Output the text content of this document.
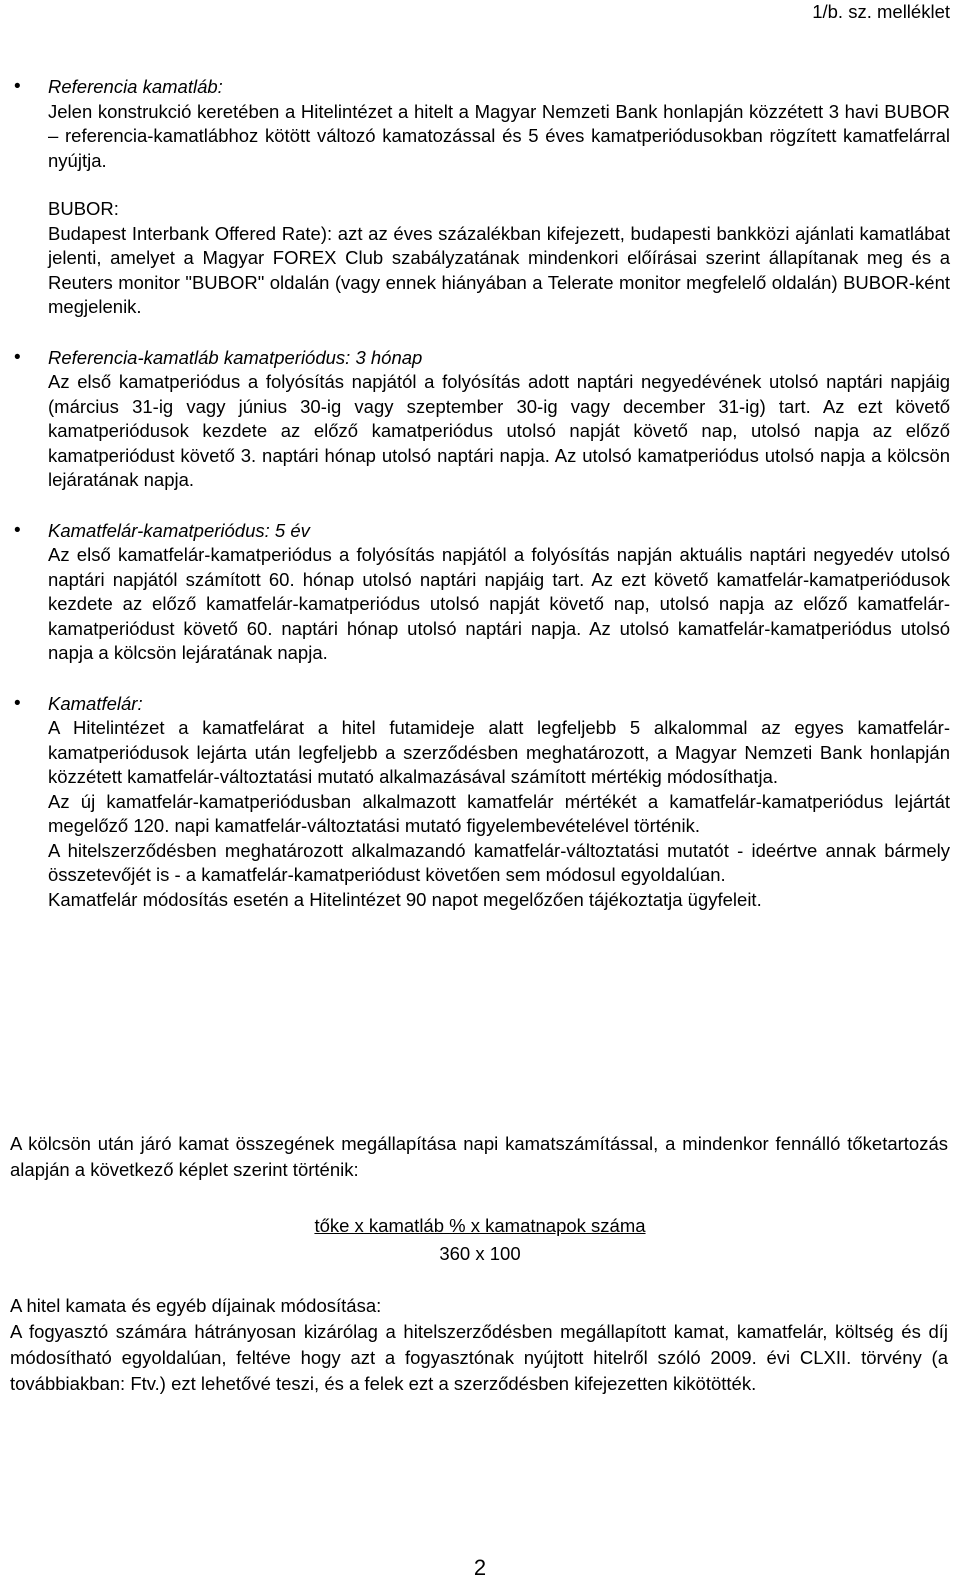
1/b. sz. melléklet

• Referencia kamatláb:

Jelen konstrukció keretében a Hitelintézet a hitelt a Magyar Nemzeti Bank honlapján közzétett 3 havi BUBOR – referencia-kamatlábhoz kötött változó kamatozással és 5 éves kamatperiódusokban rögzített kamatfelárral nyújtja.

BUBOR:

Budapest Interbank Offered Rate): azt az éves százalékban kifejezett, budapesti bankközi ajánlati kamatlábat jelenti, amelyet a Magyar FOREX Club szabályzatának mindenkori előírásai szerint állapítanak meg és a Reuters monitor "BUBOR" oldalán (vagy ennek hiányában a Telerate monitor megfelelő oldalán) BUBOR-ként megjelenik.

• Referencia-kamatláb kamatperiódus: 3 hónap

Az első kamatperiódus a folyósítás napjától a folyósítás adott naptári negyedévének utolsó naptári napjáig (március 31-ig vagy június 30-ig vagy szeptember 30-ig vagy december 31-ig) tart. Az ezt követő kamatperiódusok kezdete az előző kamatperiódus utolsó napját követő nap, utolsó napja az előző kamatperiódust követő 3. naptári hónap utolsó naptári napja. Az utolsó kamatperiódus utolsó napja a kölcsön lejáratának napja.

• Kamatfelár-kamatperiódus: 5 év

Az első kamatfelár-kamatperiódus a folyósítás napjától a folyósítás napján aktuális naptári negyedév utolsó naptári napjától számított 60. hónap utolsó naptári napjáig tart. Az ezt követő kamatfelár-kamatperiódusok kezdete az előző kamatfelár-kamatperiódus utolsó napját követő nap, utolsó napja az előző kamatfelár-kamatperiódust követő 60. naptári hónap utolsó naptári napja. Az utolsó kamatfelár-kamatperiódus utolsó napja a kölcsön lejáratának napja.

• Kamatfelár:

A Hitelintézet a kamatfelárat a hitel futamideje alatt legfeljebb 5 alkalommal az egyes kamatfelár-kamatperiódusok lejárta után legfeljebb a szerződésben meghatározott, a Magyar Nemzeti Bank honlapján közzétett kamatfelár-változtatási mutató alkalmazásával számított mértékig módosíthatja.

Az új kamatfelár-kamatperiódusban alkalmazott kamatfelár mértékét a kamatfelár-kamatperiódus lejártát megelőző 120. napi kamatfelár-változtatási mutató figyelembevételével történik.

A hitelszerződésben meghatározott alkalmazandó kamatfelár-változtatási mutatót - ideértve annak bármely összetevőjét is - a kamatfelár-kamatperiódust követően sem módosul egyoldalúan.

Kamatfelár módosítás esetén a Hitelintézet 90 napot megelőzően tájékoztatja ügyfeleit.

A kölcsön után járó kamat összegének megállapítása napi kamatszámítással, a mindenkor fennálló tőketartozás alapján a következő képlet szerint történik:

tőke x kamatláb % x kamatnapok száma
360 x 100

A hitel kamata és egyéb díjainak módosítása:

A fogyasztó számára hátrányosan kizárólag a hitelszerződésben megállapított kamat, kamatfelár, költség és díj módosítható egyoldalúan, feltéve hogy azt a fogyasztónak nyújtott hitelről szóló 2009. évi CLXII. törvény (a továbbiakban: Ftv.) ezt lehetővé teszi, és a felek ezt a szerződésben kifejezetten kikötötték.

2
